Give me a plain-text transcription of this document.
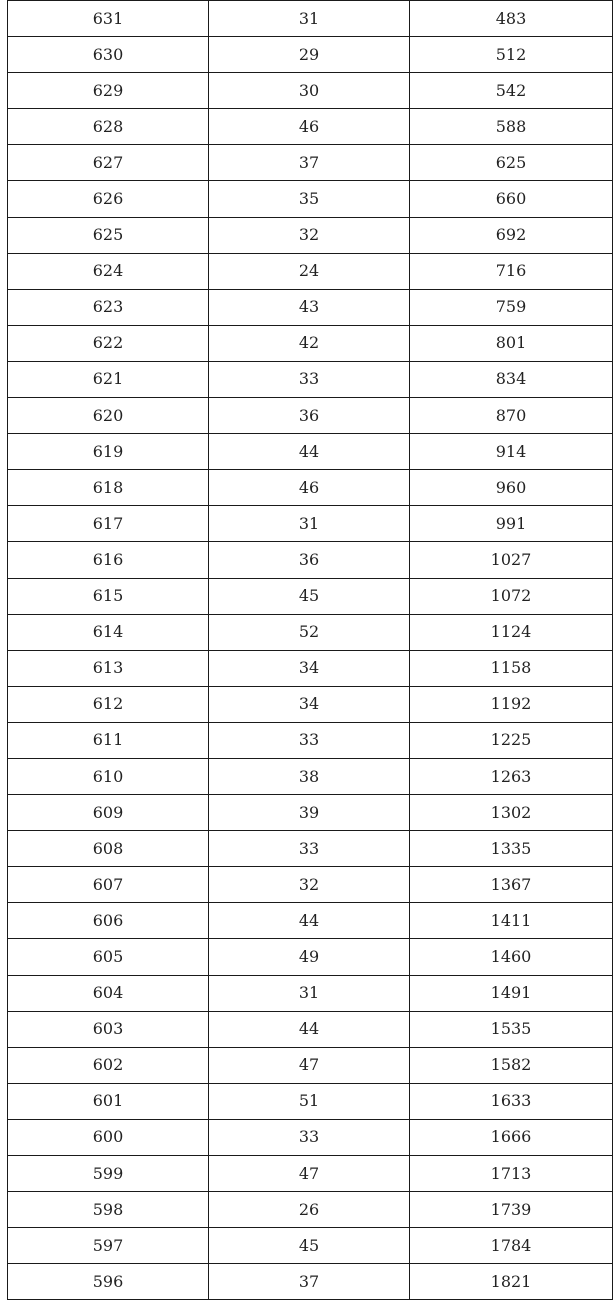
631	31	483
630	29	512
629	30	542
628	46	588
627	37	625
626	35	660
625	32	692
624	24	716
623	43	759
622	42	801
621	33	834
620	36	870
619	44	914
618	46	960
617	31	991
616	36	1027
615	45	1072
614	52	1124
613	34	1158
612	34	1192
611	33	1225
610	38	1263
609	39	1302
608	33	1335
607	32	1367
606	44	1411
605	49	1460
604	31	1491
603	44	1535
602	47	1582
601	51	1633
600	33	1666
599	47	1713
598	26	1739
597	45	1784
596	37	1821
